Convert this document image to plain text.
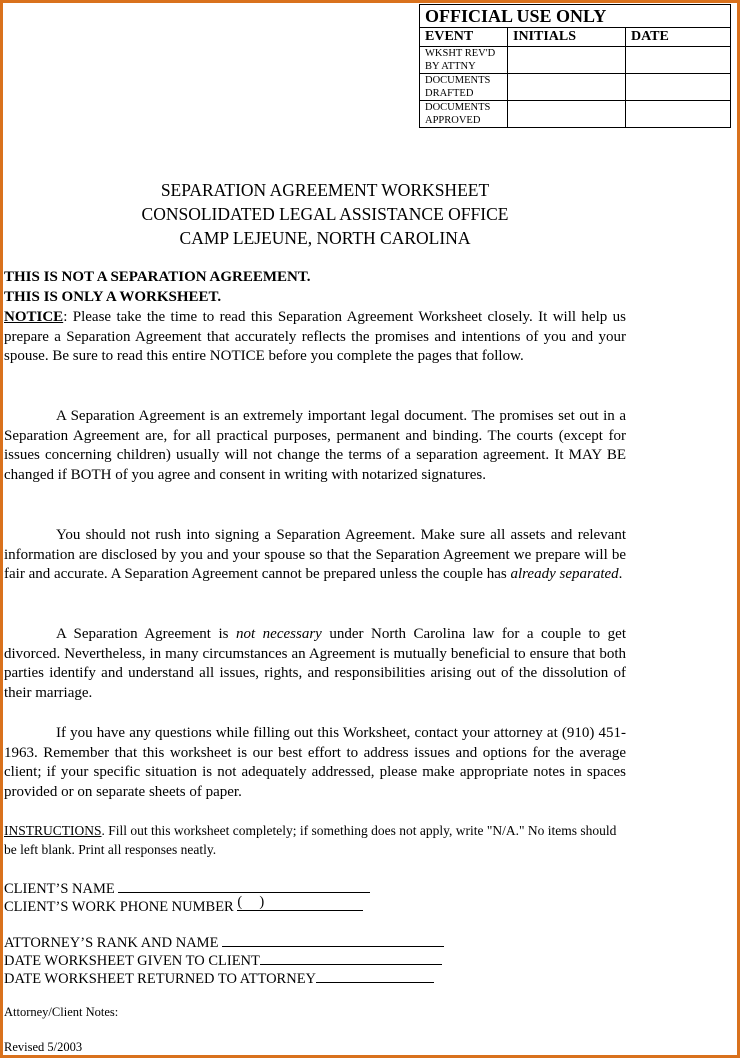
OFFICIAL USE ONLY		
EVENT	INITIALS	DATE
WKSHT REV'D BY ATTNY		
DOCUMENTS DRAFTED		
DOCUMENTS APPROVED		
SEPARATION AGREEMENT WORKSHEET
CONSOLIDATED LEGAL ASSISTANCE OFFICE
CAMP LEJEUNE, NORTH CAROLINA
THIS IS NOT A SEPARATION AGREEMENT.
THIS IS ONLY A WORKSHEET.
NOTICE: Please take the time to read this Separation Agreement Worksheet closely. It will help us prepare a Separation Agreement that accurately reflects the promises and intentions of you and your spouse. Be sure to read this entire NOTICE before you complete the pages that follow.
A Separation Agreement is an extremely important legal document. The promises set out in a Separation Agreement are, for all practical purposes, permanent and binding. The courts (except for issues concerning children) usually will not change the terms of a separation agreement. It MAY BE changed if BOTH of you agree and consent in writing with notarized signatures.
You should not rush into signing a Separation Agreement. Make sure all assets and relevant information are disclosed by you and your spouse so that the Separation Agreement we prepare will be fair and accurate. A Separation Agreement cannot be prepared unless the couple has already separated.
A Separation Agreement is not necessary under North Carolina law for a couple to get divorced. Nevertheless, in many circumstances an Agreement is mutually beneficial to ensure that both parties identify and understand all issues, rights, and responsibilities arising out of the dissolution of their marriage.
If you have any questions while filling out this Worksheet, contact your attorney at (910) 451-1963. Remember that this worksheet is our best effort to address issues and options for the average client; if your specific situation is not adequately addressed, please make appropriate notes in spaces provided or on separate sheets of paper.
INSTRUCTIONS. Fill out this worksheet completely; if something does not apply, write "N/A." No items should be left blank. Print all responses neatly.
CLIENT’S NAME
CLIENT’S WORK PHONE NUMBER ( )
ATTORNEY’S RANK AND NAME
DATE WORKSHEET GIVEN TO CLIENT
DATE WORKSHEET RETURNED TO ATTORNEY
Attorney/Client Notes:
Revised 5/2003
